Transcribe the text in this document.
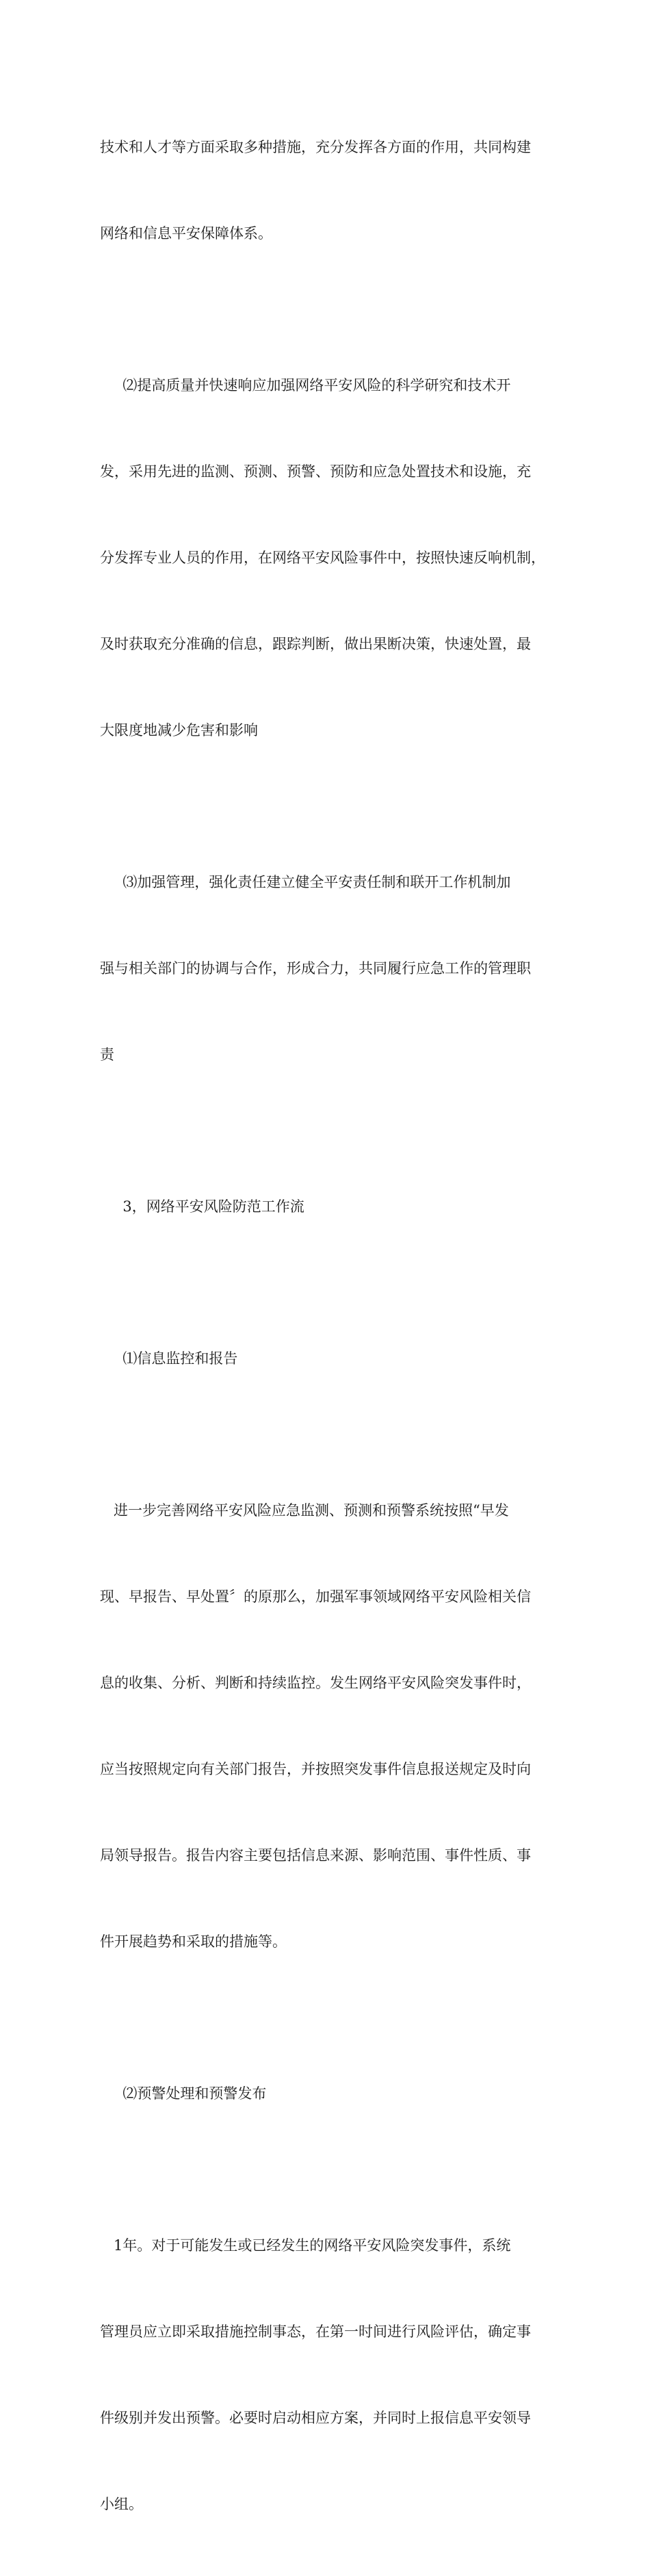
技术和人才等方面采取多种措施，充分发挥各方面的作用，共同构建

网络和信息平安保障体系。

⑵提高质量并快速响应加强网络平安风险的科学研究和技术开

发，采用先进的监测、预测、预警、预防和应急处置技术和设施，充

分发挥专业人员的作用，在网络平安风险事件中，按照快速反响机制，

及时获取充分准确的信息，跟踪判断，做出果断决策，快速处置，最

大限度地减少危害和影响

⑶加强管理，强化责任建立健全平安责任制和联开工作机制加

强与相关部门的协调与合作，形成合力，共同履行应急工作的管理职

责

3，网络平安风险防范工作流

⑴信息监控和报告

进一步完善网络平安风险应急监测、预测和预警系统按照“早发

现、早报告、早处置〞的原那么，加强军事领域网络平安风险相关信

息的收集、分析、判断和持续监控。发生网络平安风险突发事件时，

应当按照规定向有关部门报告，并按照突发事件信息报送规定及时向

局领导报告。报告内容主要包括信息来源、影响范围、事件性质、事

件开展趋势和采取的措施等。

⑵预警处理和预警发布

1年。对于可能发生或已经发生的网络平安风险突发事件，系统

管理员应立即采取措施控制事态，在第一时间进行风险评估，确定事

件级别并发出预警。必要时启动相应方案，并同时上报信息平安领导

小组。
